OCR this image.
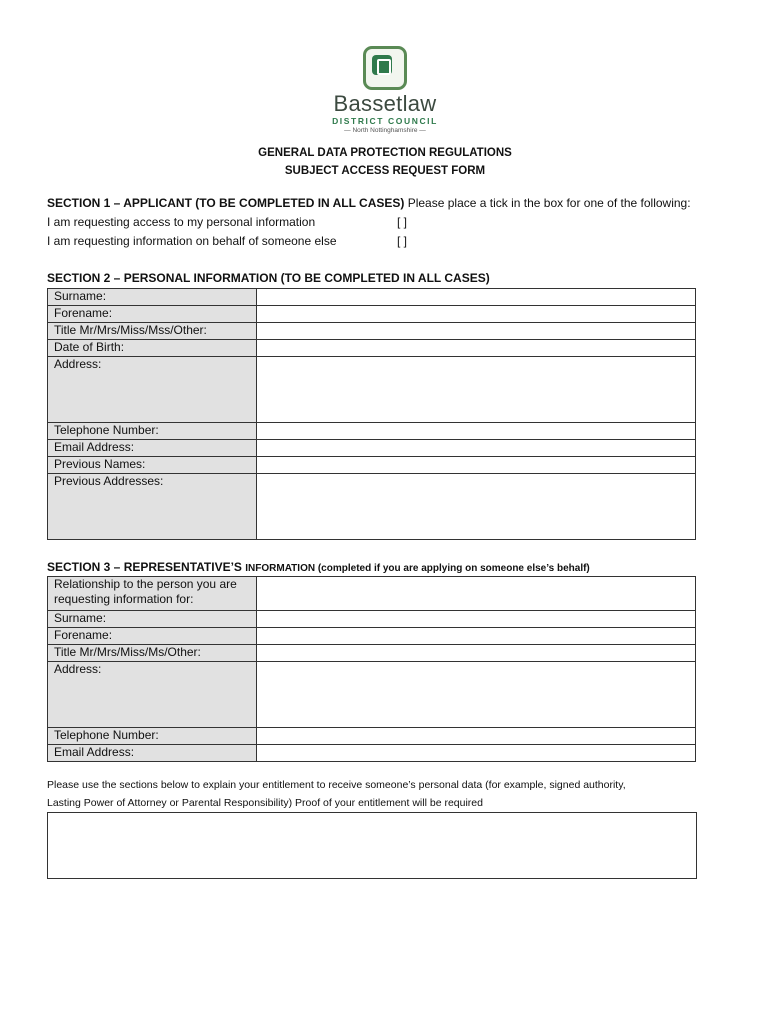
Bassetlaw
DISTRICT COUNCIL
— North Nottinghamshire —
GENERAL DATA PROTECTION REGULATIONS
SUBJECT ACCESS REQUEST FORM
SECTION 1 – APPLICANT (TO BE COMPLETED IN ALL CASES) Please place a tick in the box for one of the following:
I am requesting access to my personal information	[ ]
I am requesting information on behalf of someone else	[ ]
SECTION 2 – PERSONAL INFORMATION (TO BE COMPLETED IN ALL CASES)
Surname:	
Forename:	
Title Mr/Mrs/Miss/Mss/Other:	
Date of Birth:	
Address:	
Telephone Number:	
Email Address:	
Previous Names:	
Previous Addresses:	
SECTION 3 – REPRESENTATIVE’S INFORMATION (completed if you are applying on someone else’s behalf)
Relationship to the person you are requesting information for:	
Surname:	
Forename:	
Title Mr/Mrs/Miss/Ms/Other:	
Address:	
Telephone Number:	
Email Address:	
Please use the sections below to explain your entitlement to receive someone’s personal data (for example, signed authority,
Lasting Power of Attorney or Parental Responsibility) Proof of your entitlement will be required
